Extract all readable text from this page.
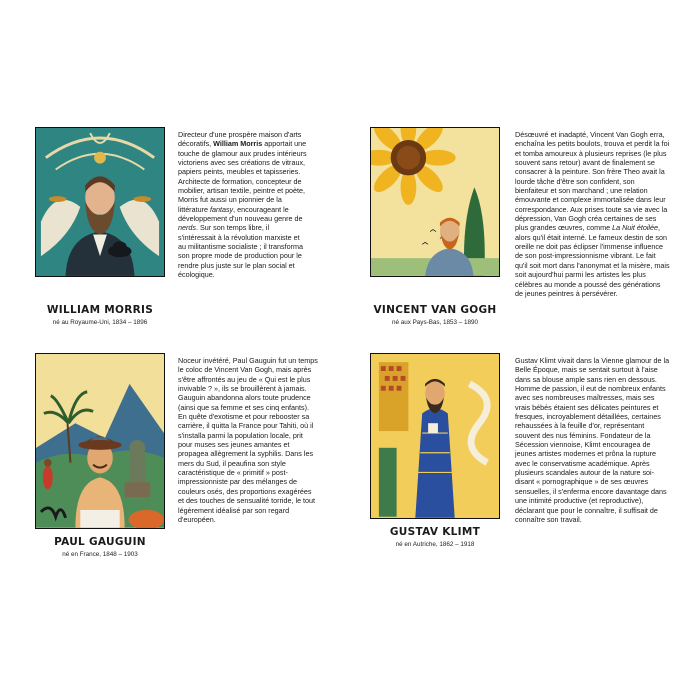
WILLIAM MORRIS
né au Royaume-Uni, 1834 – 1896

Directeur d'une prospère maison d'arts décoratifs, William Morris apportait une touche de glamour aux prudes intérieurs victoriens avec ses créations de vitraux, papiers peints, meubles et tapisseries. Architecte de formation, concepteur de mobilier, artisan textile, peintre et poète, Morris fut aussi un pionnier de la littérature fantasy, encourageant le développement d'un nouveau genre de nerds. Sur son temps libre, il s'intéressait à la révolution marxiste et au militantisme socialiste ; il transforma son propre mode de production pour le rendre plus juste sur le plan social et écologique.

VINCENT VAN GOGH
né aux Pays-Bas, 1853 – 1890

Désœuvré et inadapté, Vincent Van Gogh erra, enchaîna les petits boulots, trouva et perdit la foi et tomba amoureux à plusieurs reprises (le plus souvent sans retour) avant de finalement se consacrer à la peinture. Son frère Theo avait la lourde tâche d'être son confident, son bienfaiteur et son marchand ; une relation émouvante et complexe immortalisée dans leur correspondance. Aux prises toute sa vie avec la dépression, Van Gogh créa certaines de ses plus grandes œuvres, comme La Nuit étoilée, alors qu'il était interné. Le fameux destin de son oreille ne doit pas éclipser l'immense influence de son post-impressionnisme vibrant. Le fait qu'il soit mort dans l'anonymat et la misère, mais soit aujourd'hui parmi les artistes les plus célèbres au monde a poussé des générations de jeunes peintres à persévérer.

PAUL GAUGUIN
né en France, 1848 – 1903

Noceur invétéré, Paul Gauguin fut un temps le coloc de Vincent Van Gogh, mais après s'être affrontés au jeu de « Qui est le plus invivable ? », ils se brouillèrent à jamais. Gauguin abandonna alors toute prudence (ainsi que sa femme et ses cinq enfants). En quête d'exotisme et pour rebooster sa carrière, il quitta la France pour Tahiti, où il s'installa parmi la population locale, prit pour muses ses jeunes amantes et propagea allègrement la syphilis. Dans les mers du Sud, il peaufina son style caractéristique de « primitif » post-impressionniste par des mélanges de couleurs osés, des proportions exagérées et des touches de sensualité torride, le tout légèrement idéalisé par son regard d'européen.

GUSTAV KLIMT
né en Autriche, 1862 – 1918

Gustav Klimt vivait dans la Vienne glamour de la Belle Époque, mais se sentait surtout à l'aise dans sa blouse ample sans rien en dessous. Homme de passion, il eut de nombreux enfants avec ses nombreuses maîtresses, mais ses vrais bébés étaient ses délicates peintures et fresques, incroyablement détaillées, certaines rehaussées à la feuille d'or, représentant souvent des nus féminins. Fondateur de la Sécession viennoise, Klimt encouragea de jeunes artistes modernes et prôna la rupture avec le conservatisme académique. Après plusieurs scandales autour de la nature soi-disant « pornographique » de ses œuvres sensuelles, il s'enferma encore davantage dans une intimité productive (et reproductive), déclarant que pour le connaître, il suffisait de connaître son travail.
